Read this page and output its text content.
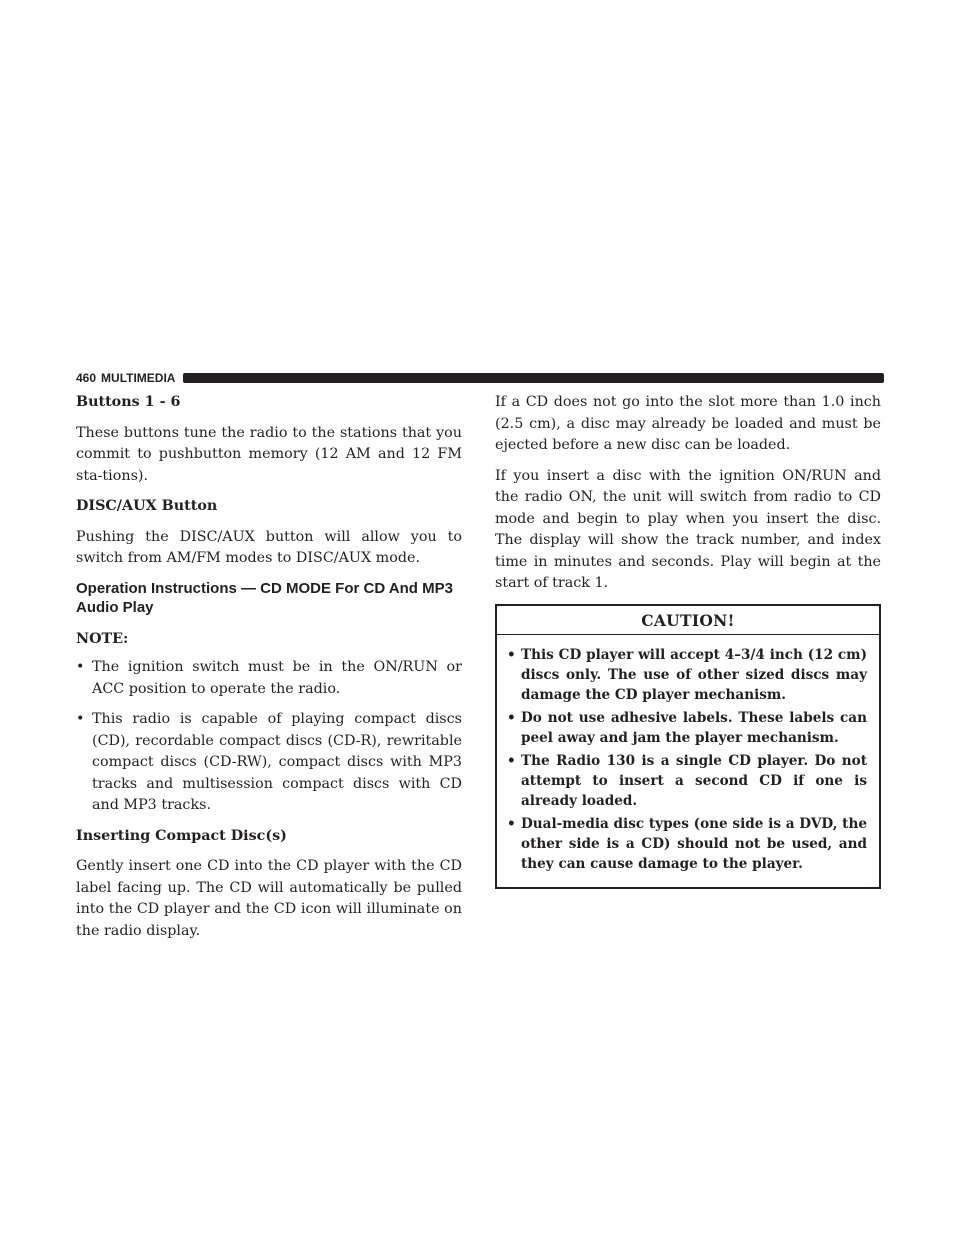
460 MULTIMEDIA
Buttons 1 - 6

These buttons tune the radio to the stations that you commit to pushbutton memory (12 AM and 12 FM sta-tions).

DISC/AUX Button

Pushing the DISC/AUX button will allow you to switch from AM/FM modes to DISC/AUX mode.

Operation Instructions — CD MODE For CD And MP3 Audio Play
NOTE:
• The ignition switch must be in the ON/RUN or ACC position to operate the radio.
• This radio is capable of playing compact discs (CD), recordable compact discs (CD-R), rewritable compact discs (CD-RW), compact discs with MP3 tracks and multisession compact discs with CD and MP3 tracks.
Inserting Compact Disc(s)

Gently insert one CD into the CD player with the CD label facing up. The CD will automatically be pulled into the CD player and the CD icon will illuminate on the radio display.

If a CD does not go into the slot more than 1.0 inch (2.5 cm), a disc may already be loaded and must be ejected before a new disc can be loaded.

If you insert a disc with the ignition ON/RUN and the radio ON, the unit will switch from radio to CD mode and begin to play when you insert the disc. The display will show the track number, and index time in minutes and seconds. Play will begin at the start of track 1.

CAUTION!
• This CD player will accept 4–3/4 inch (12 cm) discs only. The use of other sized discs may damage the CD player mechanism.
• Do not use adhesive labels. These labels can peel away and jam the player mechanism.
• The Radio 130 is a single CD player. Do not attempt to insert a second CD if one is already loaded.
• Dual-media disc types (one side is a DVD, the other side is a CD) should not be used, and they can cause damage to the player.
